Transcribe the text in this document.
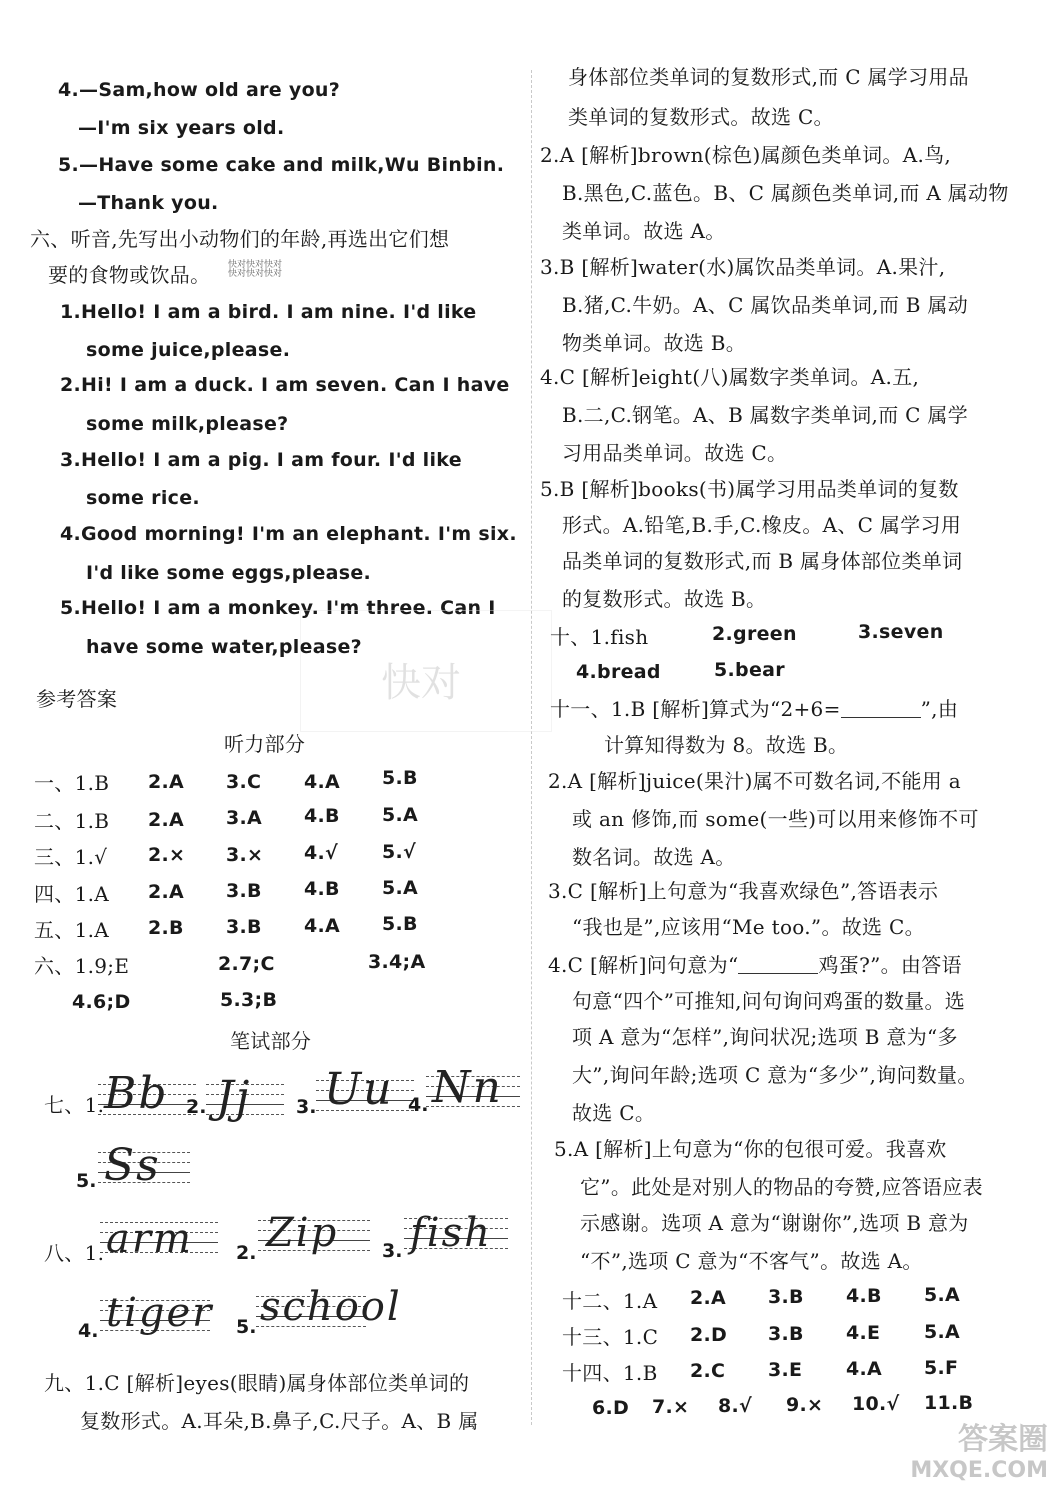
4.—Sam,how old are you?
—I'm six years old.
5.—Have some cake and milk,Wu Binbin.
—Thank you.
六、听音,先写出小动物们的年龄,再选出它们想
要的食物或饮品。 快对快对快对
快对快对快对
1.Hello! I am a bird. I am nine. I'd like
some juice,please.
2.Hi! I am a duck. I am seven. Can I have
some milk,please?
3.Hello! I am a pig. I am four. I'd like
some rice.
4.Good morning! I'm an elephant. I'm six.
I'd like some eggs,please.
5.Hello! I am a monkey. I'm three. Can I
have some water,please?
参考答案
听力部分
一、1.B 2.A 3.C 4.A 5.B
二、1.B 2.A 3.A 4.B 5.A
三、1.√ 2.× 3.× 4.√ 5.√
四、1.A 2.A 3.B 4.B 5.A
五、1.A 2.B 3.B 4.A 5.B
六、1.9;E	2.7;C	3.4;A
4.6;D	5.3;B
笔试部分
七、1. Bb 2. Jj 3. Uu 4. Nn
5. Ss
八、1. arm 2. Zip 3. fish
4. tiger 5. school
九、1.C [解析]eyes(眼睛)属身体部位类单词的
复数形式。A.耳朵,B.鼻子,C.尺子。A、B 属
快对
身体部位类单词的复数形式,而 C 属学习用品
类单词的复数形式。故选 C。
2.A [解析]brown(棕色)属颜色类单词。A.鸟,
B.黑色,C.蓝色。B、C 属颜色类单词,而 A 属动物
类单词。故选 A。
3.B [解析]water(水)属饮品类单词。A.果汁,
B.猪,C.牛奶。A、C 属饮品类单词,而 B 属动
物类单词。故选 B。
4.C [解析]eight(八)属数字类单词。A.五,
B.二,C.钢笔。A、B 属数字类单词,而 C 属学
习用品类单词。故选 C。
5.B [解析]books(书)属学习用品类单词的复数
形式。A.铅笔,B.手,C.橡皮。A、C 属学习用
品类单词的复数形式,而 B 属身体部位类单词
的复数形式。故选 B。
十、1.fish	2.green	3.seven
4.bread	5.bear
十一、1.B [解析]算式为“2+6=	”,由
计算知得数为 8。故选 B。
2.A [解析]juice(果汁)属不可数名词,不能用 a
或 an 修饰,而 some(一些)可以用来修饰不可
数名词。故选 A。
3.C [解析]上句意为“我喜欢绿色”,答语表示
“我也是”,应该用“Me too.”。故选 C。
4.C [解析]问句意为“	鸡蛋?”。由答语
句意“四个”可推知,问句询问鸡蛋的数量。选
项 A 意为“怎样”,询问状况;选项 B 意为“多
大”,询问年龄;选项 C 意为“多少”,询问数量。
故选 C。
5.A [解析]上句意为“你的包很可爱。我喜欢
它”。此处是对别人的物品的夸赞,应答语应表
示感谢。选项 A 意为“谢谢你”,选项 B 意为
“不”,选项 C 意为“不客气”。故选 A。
十二、1.A 2.A 3.B 4.B 5.A
十三、1.C 2.D 3.B 4.E 5.A
十四、1.B 2.C 3.E 4.A 5.F
6.D 7.× 8.√ 9.× 10.√ 11.B
答案圈
MXQE.COM
